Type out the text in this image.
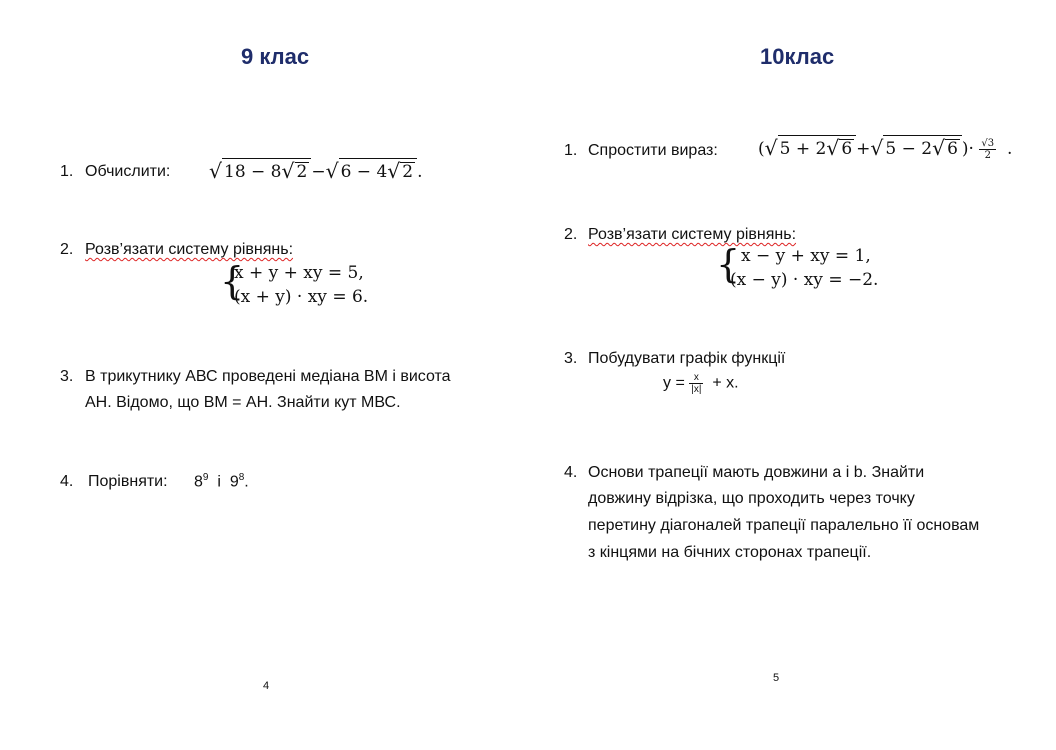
9 клас
1. Обчислити: √ 18 − 8√ 2 −√ 6 − 4√ 2 .
2. Розв’язати систему рівнянь:
{
x + y + xy = 5,
(x + y) · xy = 6.
3. В трикутнику АВС проведені медіана ВМ і висота
АН. Відомо, що ВМ = АН. Знайти кут МВС.
4. Порівняти: $8^9$ і $9^8$.
4
10клас
1. Спростити вираз: (√ 5 + 2√ 6 +√ 5 − 2√ 6 )· $\frac{√3}{2}$ .
2. Розв’язати систему рівнянь:
{ x − y + xy = 1,
(x − y) · xy = −2.
3. Побудувати графік функції
$y = \frac{x}{|x|} + x$.
4. Основи трапеції мають довжини а і b. Знайти
довжину відрізка, що проходить через точку
перетину діагоналей трапеції паралельно її основам
з кінцями на бічних сторонах трапеції.
5
